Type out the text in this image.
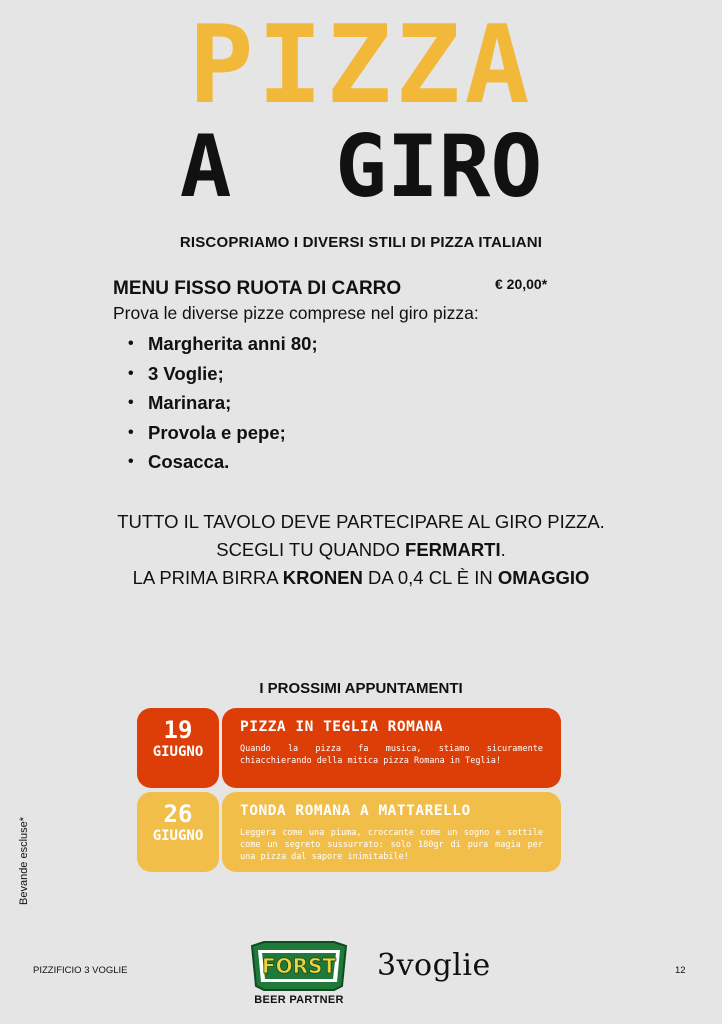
PIZZA
A  GIRO
RISCOPRIAMO I DIVERSI STILI DI PIZZA ITALIANI
MENU FISSO RUOTA DI CARRO	€ 20,00*
Prova le diverse pizze comprese nel giro pizza:
• Margherita anni 80;
• 3 Voglie;
• Marinara;
• Provola e pepe;
• Cosacca.
TUTTO IL TAVOLO DEVE PARTECIPARE AL GIRO PIZZA.
SCEGLI TU QUANDO FERMARTI.
LA PRIMA BIRRA KRONEN DA 0,4 CL È IN OMAGGIO
I PROSSIMI APPUNTAMENTI
19
GIUGNO
PIZZA IN TEGLIA ROMANA
Quando la pizza fa musica, stiamo sicuramente chiacchierando della mitica pizza Romana in Teglia!
26
GIUGNO
TONDA ROMANA A MATTARELLO
Leggera come una piuma, croccante come un sogno e sottile come un segreto sussurrato: solo 180gr di pura magia per una pizza dal sapore inimitabile!
Bevande escluse*
PIZZIFICIO 3 VOGLIE	FORST
BEER PARTNER
3voglie	12
